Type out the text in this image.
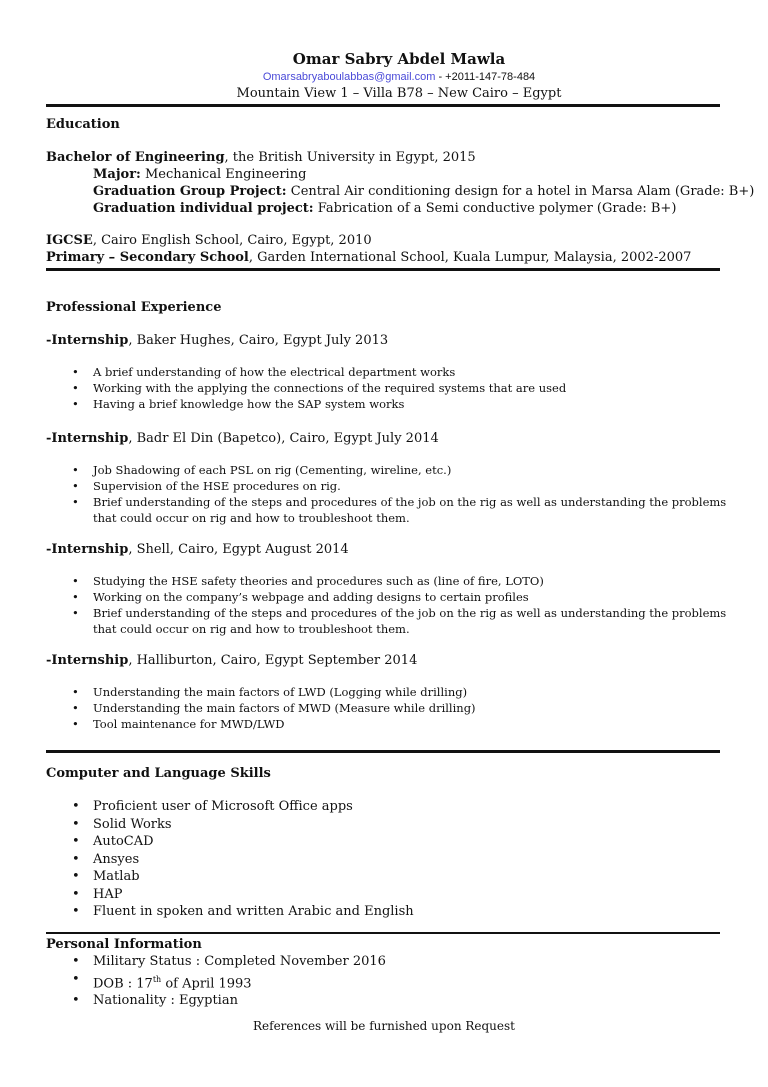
Omar Sabry Abdel Mawla
Omarsabryaboulabbas@gmail.com - +2011-147-78-484
Mountain View 1 – Villa B78 – New Cairo – Egypt
Education
Bachelor of Engineering, the British University in Egypt, 2015
Major: Mechanical Engineering
Graduation Group Project: Central Air conditioning design for a hotel in Marsa Alam (Grade: B+)
Graduation individual project: Fabrication of a Semi conductive polymer (Grade: B+)
IGCSE, Cairo English School, Cairo, Egypt, 2010
Primary – Secondary School, Garden International School, Kuala Lumpur, Malaysia, 2002-2007
Professional Experience
-Internship, Baker Hughes, Cairo, Egypt July 2013
• A brief understanding of how the electrical department works
• Working with the applying the connections of the required systems that are used
• Having a brief knowledge how the SAP system works
-Internship, Badr El Din (Bapetco), Cairo, Egypt July 2014
• Job Shadowing of each PSL on rig (Cementing, wireline, etc.)
• Supervision of the HSE procedures on rig.
• Brief understanding of the steps and procedures of the job on the rig as well as understanding the problems that could occur on rig and how to troubleshoot them.
-Internship, Shell, Cairo, Egypt August 2014
• Studying the HSE safety theories and procedures such as (line of fire, LOTO)
• Working on the company’s webpage and adding designs to certain profiles
• Brief understanding of the steps and procedures of the job on the rig as well as understanding the problems that could occur on rig and how to troubleshoot them.
-Internship, Halliburton, Cairo, Egypt September 2014
• Understanding the main factors of LWD (Logging while drilling)
• Understanding the main factors of MWD (Measure while drilling)
• Tool maintenance for MWD/LWD
Computer and Language Skills
• Proficient user of Microsoft Office apps
• Solid Works
• AutoCAD
• Ansyes
• Matlab
• HAP
• Fluent in spoken and written Arabic and English
Personal Information
• Military Status : Completed November 2016
• DOB : 17th of April 1993
• Nationality : Egyptian
References will be furnished upon Request
